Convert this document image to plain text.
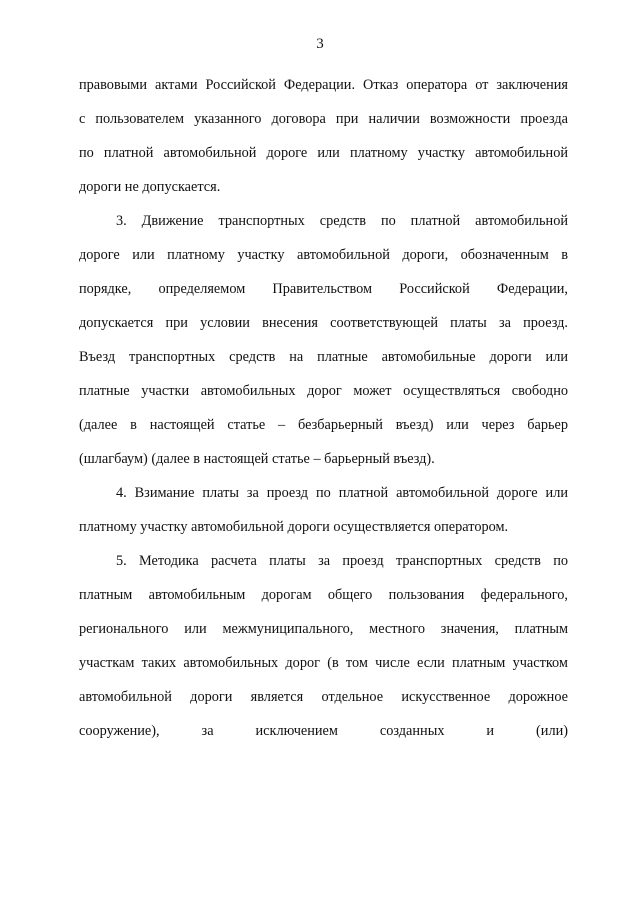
3
правовыми актами Российской Федерации. Отказ оператора от заключения
с пользователем указанного договора при наличии возможности проезда
по платной автомобильной дороге или платному участку автомобильной
дороги не допускается.
3. Движение транспортных средств по платной автомобильной
дороге или платному участку автомобильной дороги, обозначенным в
порядке, определяемом Правительством Российской Федерации,
допускается при условии внесения соответствующей платы за проезд.
Въезд транспортных средств на платные автомобильные дороги или
платные участки автомобильных дорог может осуществляться свободно
(далее в настоящей статье – безбарьерный въезд) или через барьер
(шлагбаум) (далее в настоящей статье – барьерный въезд).
4. Взимание платы за проезд по платной автомобильной дороге или
платному участку автомобильной дороги осуществляется оператором.
5. Методика расчета платы за проезд транспортных средств по
платным автомобильным дорогам общего пользования федерального,
регионального или межмуниципального, местного значения, платным
участкам таких автомобильных дорог (в том числе если платным участком
автомобильной дороги является отдельное искусственное дорожное
сооружение), за исключением созданных и (или)
